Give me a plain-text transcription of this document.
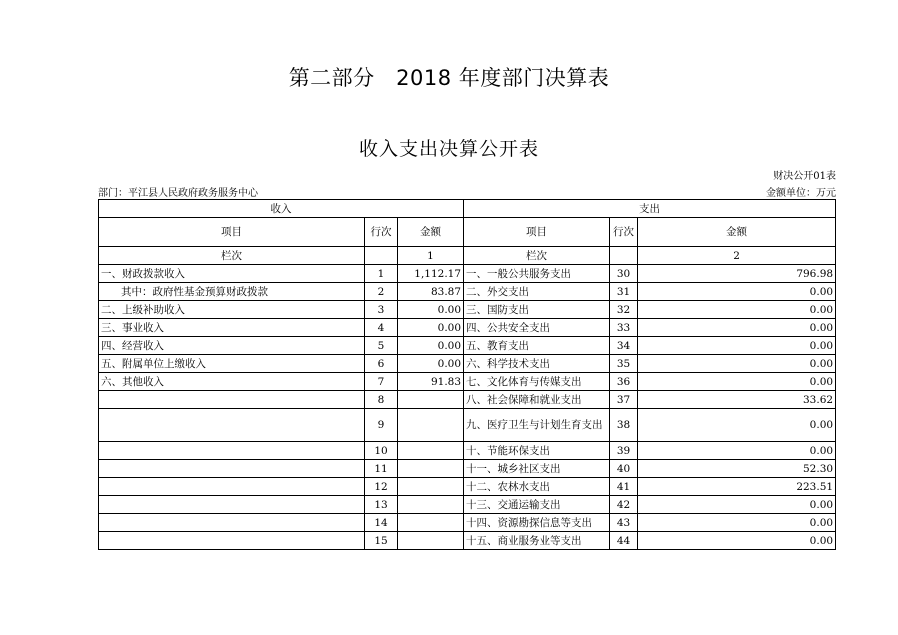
第二部分　2018 年度部门决算表
收入支出决算公开表
财决公开01表
部门：平江县人民政府政务服务中心	金额单位：万元
收入			支出		
项目	行次	金额	项目	行次	金额
栏次		1	栏次		2
一、财政拨款收入	1	1,112.17	一、一般公共服务支出	30	796.98
其中：政府性基金预算财政拨款	2	83.87	二、外交支出	31	0.00
二、上级补助收入	3	0.00	三、国防支出	32	0.00
三、事业收入	4	0.00	四、公共安全支出	33	0.00
四、经营收入	5	0.00	五、教育支出	34	0.00
五、附属单位上缴收入	6	0.00	六、科学技术支出	35	0.00
六、其他收入	7	91.83	七、文化体育与传媒支出	36	0.00
	8		八、社会保障和就业支出	37	33.62
	9		九、医疗卫生与计划生育支出	38	0.00
	10		十、节能环保支出	39	0.00
	11		十一、城乡社区支出	40	52.30
	12		十二、农林水支出	41	223.51
	13		十三、交通运输支出	42	0.00
	14		十四、资源勘探信息等支出	43	0.00
	15		十五、商业服务业等支出	44	0.00
